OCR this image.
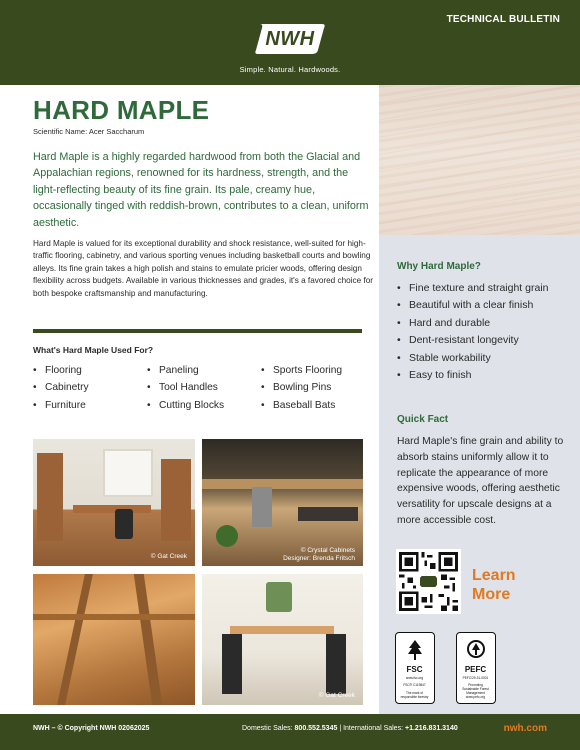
TECHNICAL BULLETIN
NWH
Simple. Natural. Hardwoods.
Why Hard Maple?
• Fine texture and straight grain
• Beautiful with a clear finish
• Hard and durable
• Dent-resistant longevity
• Stable workability
• Easy to finish
Quick Fact
Hard Maple's fine grain and ability to absorb stains uniformly allow it to replicate the appearance of more expensive woods, offering aesthetic versatility for upscale designs at a more accessible cost.
Learn
More
FSC
www.fsc.org
FSC® C119847
The mark of responsible forestry
PEFC
PEFC/29-31-0001
Promoting Sustainable Forest Management
www.pefc.org
HARD MAPLE
Scientific Name: Acer Saccharum
Hard Maple is a highly regarded hardwood from both the Glacial and Appalachian regions, renowned for its hardness, strength, and the light-reflecting beauty of its fine grain. Its pale, creamy hue, occasionally tinged with reddish-brown, contributes to a clean, uniform aesthetic.
Hard Maple is valued for its exceptional durability and shock resistance, well-suited for high-traffic flooring, cabinetry, and various sporting venues including basketball courts and bowling alleys. Its fine grain takes a high polish and stains to emulate pricier woods, offering design flexibility across budgets. Available in various thicknesses and grades, it's a favored choice for both bespoke craftsmanship and manufacturing.
What's Hard Maple Used For?
• Flooring
• Cabinetry
• Furniture
• Paneling
• Tool Handles
• Cutting Blocks
• Sports Flooring
• Bowling Pins
• Baseball Bats
© Gat Creek
© Crystal Cabinets
Designer: Brenda Fritsch
© Gat Creek
NWH – © Copyright NWH 02062025	Domestic Sales: 800.552.5345 | International Sales: +1.216.831.3140	nwh.com
